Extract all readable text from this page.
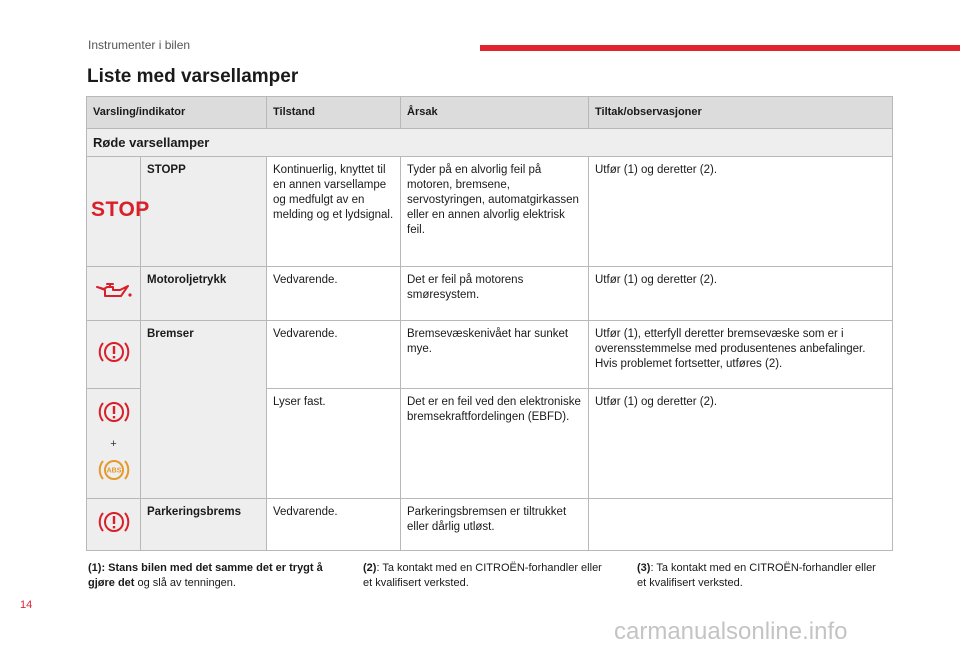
Instrumenter i bilen
Liste med varsellamper
Varsling/indikator		Tilstand	Årsak	Tiltak/observasjoner
Røde varsellamper				
STOP	STOPP	Kontinuerlig, knyttet til en annen varsellampe og medfulgt av en melding og et lydsignal.	Tyder på en alvorlig feil på motoren, bremsene, servostyringen, automatgirkassen eller en annen alvorlig elektrisk feil.	Utfør (1) og deretter (2).
	Motoroljetrykk	Vedvarende.	Det er feil på motorens smøresystem.	Utfør (1) og deretter (2).
	Bremser	Vedvarende.	Bremsevæskenivået har sunket mye.	Utfør (1), etterfyll deretter bremsevæske som er i overensstemmelse med produsentenes anbefalinger. Hvis problemet fortsetter, utføres (2).

+
ABS		Lyser fast.	Det er en feil ved den elektroniske bremsekraftfordelingen (EBFD).	Utfør (1) og deretter (2).
	Parkeringsbrems	Vedvarende.	Parkeringsbremsen er tiltrukket eller dårlig utløst.	
(1): Stans bilen med det samme det er trygt å gjøre det og slå av tenningen.
(2): Ta kontakt med en CITROËN-forhandler eller et kvalifisert verksted.
(3): Ta kontakt med en CITROËN-forhandler eller et kvalifisert verksted.
14
carmanualsonline.info
